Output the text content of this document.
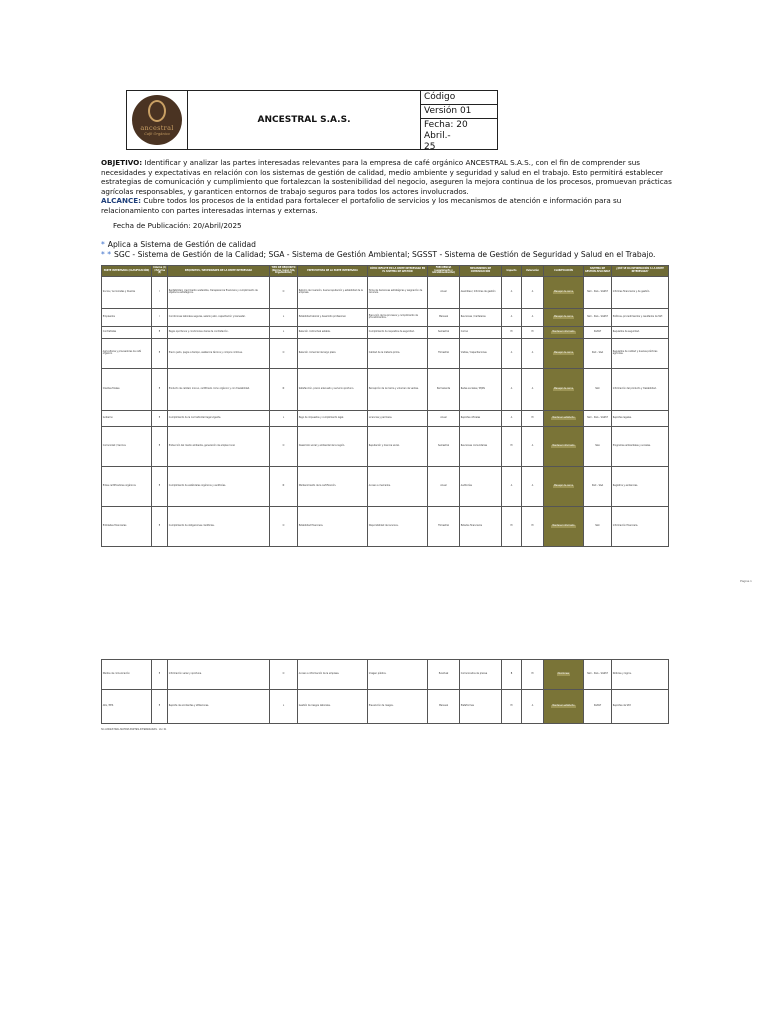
ancestral
Café Orgánico
ANCESTRAL S.A.S.
Código
Versión 01
Fecha: 20 Abril.-
25
OBJETIVO: Identificar y analizar las partes interesadas relevantes para la empresa de café orgánico ANCESTRAL S.A.S., con el fin de comprender sus necesidades y expectativas en relación con los sistemas de gestión de calidad, medio ambiente y seguridad y salud en el trabajo. Esto permitirá establecer estrategias de comunicación y cumplimiento que fortalezcan la sostenibilidad del negocio, aseguren la mejora continua de los procesos, promuevan prácticas agrícolas responsables, y garanticen entornos de trabajo seguros para todos los actores involucrados.
ALCANCE: Cubre todos los procesos de la entidad para fortalecer el portafolio de servicios y los mecanismos de atención e información para su relacionamiento con partes interesadas internas y externas.
Fecha de Publicación: 20/Abril/2025
* Aplica a Sistema de Gestión de calidad
* * SGC - Sistema de Gestión de la Calidad; SGA - Sistema de Gestión Ambiental; SGSST - Sistema de Gestión de Seguridad y Salud en el Trabajo.
PARTE INTERESADA (CLASIFICACIÓN)	Interna (I) / Externa (E)	REQUISITOS / NECESIDADES DE LA PARTE INTERESADA	TIPO DE REQUISITO (Norma, legal, SIG, Organización)	EXPECTATIVAS DE LA PARTE INTERESADA	CÓMO INFLUYE EN LA PARTE INTERESADA EN EL SISTEMA DE GESTIÓN	FRECUENCIA (seguimiento y retroalimentación)	MECANISMOS DE COMUNICACIÓN	Impacto	Valoración	CLASIFICACIÓN	SISTEMA DE GESTIÓN APLICABLE	¿QUÉ SE DA INFORMACIÓN A LA PARTE INTERESADA?
Socios / Accionistas y Dueños	I	Rentabilidad, crecimiento sostenible, transparencia financiera y cumplimiento de objetivos estratégicos.	O	Retorno de inversión, buena reputación y estabilidad de la empresa.	Toma de decisiones estratégicas y asignación de recursos.	Anual	Asamblea / Informes de gestión	A	A	Manejar de cerca	SGC - SGA - SGSST	Informes financieros y de gestión.
Empleados	I	Condiciones laborales seguras, salario justo, capacitación y bienestar.	L	Estabilidad laboral y desarrollo profesional.	Ejecución de los procesos y cumplimiento de procedimientos.	Mensual	Reuniones / Carteleras	A	A	Manejar de cerca	SGC - SGA - SGSST	Políticas, procedimientos y resultados de SST.
Contratistas	E	Pagos oportunos y condiciones claras de contratación.	L	Relación contractual estable.	Cumplimiento de requisitos de seguridad.	Semestral	Correo	M	M	Mantener informado	SGSST	Requisitos de seguridad.
Agricultores y proveedores de café orgánico	E	Precio justo, pagos a tiempo, asistencia técnica y compra continua.	O	Relación comercial de largo plazo.	Calidad de la materia prima.	Trimestral	Visitas / Capacitaciones	A	A	Manejar de cerca	SGC - SGA	Requisitos de calidad y buenas prácticas agrícolas.
Clientes finales	E	Producto de calidad, inocuo, certificado como orgánico y con trazabilidad.	N	Satisfacción, precio adecuado y servicio oportuno.	Percepción de la marca y volumen de ventas.	Permanente	Redes sociales / PQRS	A	A	Manejar de cerca	SGC	Información del producto y trazabilidad.
Gobierno	E	Cumplimiento de la normatividad legal vigente.	L	Pago de impuestos y cumplimiento legal.	Licencias y permisos.	Anual	Reportes oficiales	A	M	Mantener satisfecho	SGC - SGA - SGSST	Reportes legales.
Comunidad / Vecinos	E	Protección del medio ambiente, generación de empleo local.	O	Desarrollo social y ambiental de la región.	Reputación y licencia social.	Semestral	Reuniones comunitarias	M	A	Mantener informado	SGA	Programas ambientales y sociales.
Entes certificadores orgánicos	E	Cumplimiento de estándares orgánicos y auditorías.	N	Mantenimiento de la certificación.	Acceso a mercados.	Anual	Auditorías	A	A	Manejar de cerca	SGC - SGA	Registros y evidencias.
Entidades financieras	E	Cumplimiento de obligaciones crediticias.	O	Estabilidad financiera.	Disponibilidad de recursos.	Trimestral	Estados financieros	M	M	Mantener informado	SGC	Información financiera.
Página 1
Medios de comunicación	E	Información veraz y oportuna.	O	Acceso a información de la empresa.	Imagen pública.	Eventual	Comunicados de prensa	B	M	Monitorear	SGC - SGA - SGSST	Noticias y logros.
ARL / EPS	E	Reporte de accidentes y afiliaciones.	L	Gestión de riesgos laborales.	Prevención de riesgos.	Mensual	Plataformas	M	A	Mantener satisfecho	SGSST	Reportes de SST.
SC-ANCESTRAL-MATRIZ-PARTES-INTERESADAS · Ver. 01
